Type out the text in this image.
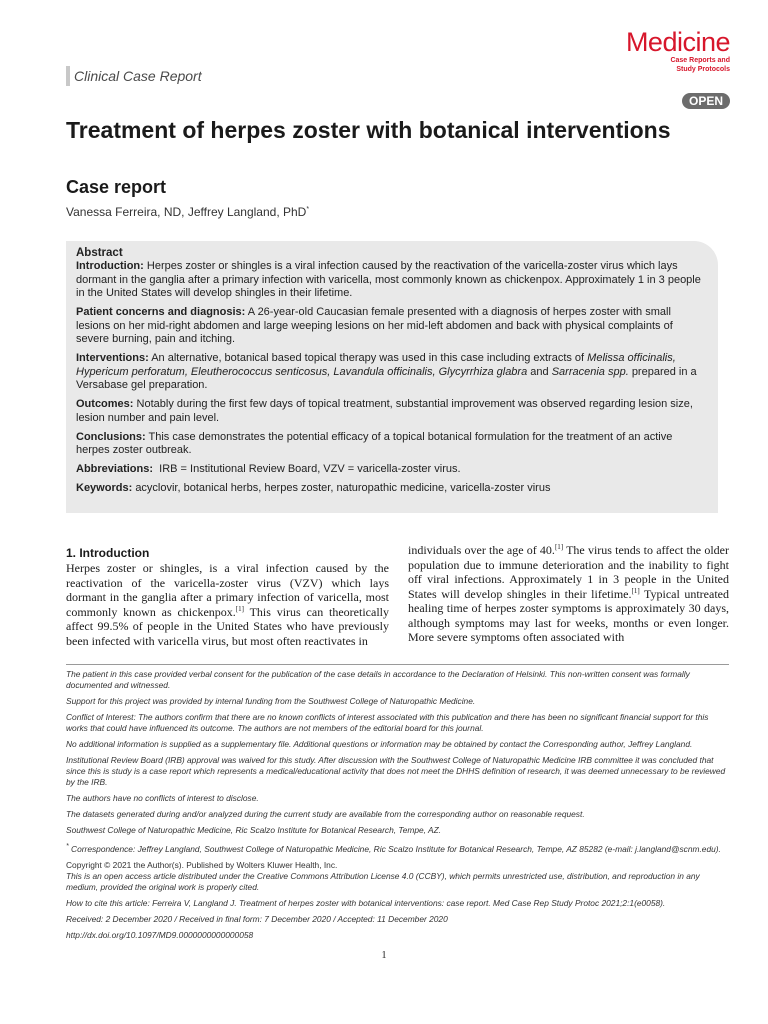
Clinical Case Report
Medicine
Case Reports and
Study Protocols
OPEN
Treatment of herpes zoster with botanical interventions
Case report
Vanessa Ferreira, ND, Jeffrey Langland, PhD*
Abstract

Introduction: Herpes zoster or shingles is a viral infection caused by the reactivation of the varicella-zoster virus which lays dormant in the ganglia after a primary infection with varicella, most commonly known as chickenpox. Approximately 1 in 3 people in the United States will develop shingles in their lifetime.

Patient concerns and diagnosis: A 26-year-old Caucasian female presented with a diagnosis of herpes zoster with small lesions on her mid-right abdomen and large weeping lesions on her mid-left abdomen and back with physical complaints of severe burning, pain and itching.

Interventions: An alternative, botanical based topical therapy was used in this case including extracts of Melissa officinalis, Hypericum perforatum, Eleutherococcus senticosus, Lavandula officinalis, Glycyrrhiza glabra and Sarracenia spp. prepared in a Versabase gel preparation.

Outcomes: Notably during the first few days of topical treatment, substantial improvement was observed regarding lesion size, lesion number and pain level.

Conclusions: This case demonstrates the potential efficacy of a topical botanical formulation for the treatment of an active herpes zoster outbreak.

Abbreviations: IRB = Institutional Review Board, VZV = varicella-zoster virus.

Keywords: acyclovir, botanical herbs, herpes zoster, naturopathic medicine, varicella-zoster virus

1. Introduction
Herpes zoster or shingles, is a viral infection caused by the reactivation of the varicella-zoster virus (VZV) which lays dormant in the ganglia after a primary infection of varicella, most commonly known as chickenpox.[1] This virus can theoretically affect 99.5% of people in the United States who have previously been infected with varicella virus, but most often reactivates in
individuals over the age of 40.[1] The virus tends to affect the older population due to immune deterioration and the inability to fight off viral infections. Approximately 1 in 3 people in the United States will develop shingles in their lifetime.[1] Typical untreated healing time of herpes zoster symptoms is approximately 30 days, although symptoms may last for weeks, months or even longer. More severe symptoms often associated with

The patient in this case provided verbal consent for the publication of the case details in accordance to the Declaration of Helsinki. This non-written consent was formally documented and witnessed.

Support for this project was provided by internal funding from the Southwest College of Naturopathic Medicine.

Conflict of Interest: The authors confirm that there are no known conflicts of interest associated with this publication and there has been no significant financial support for this works that could have influenced its outcome. The authors are not members of the editorial board for this journal.

No additional information is supplied as a supplementary file. Additional questions or information may be obtained by contact the Corresponding author, Jeffrey Langland.

Institutional Review Board (IRB) approval was waived for this study. After discussion with the Southwest College of Naturopathic Medicine IRB committee it was concluded that since this is study is a case report which represents a medical/educational activity that does not meet the DHHS definition of research, it was deemed unnecessary to be reviewed by the IRB.

The authors have no conflicts of interest to disclose.

The datasets generated during and/or analyzed during the current study are available from the corresponding author on reasonable request.

Southwest College of Naturopathic Medicine, Ric Scalzo Institute for Botanical Research, Tempe, AZ.

* Correspondence: Jeffrey Langland, Southwest College of Naturopathic Medicine, Ric Scalzo Institute for Botanical Research, Tempe, AZ 85282 (e-mail: j.langland@scnm.edu).

Copyright © 2021 the Author(s). Published by Wolters Kluwer Health, Inc.

This is an open access article distributed under the Creative Commons Attribution License 4.0 (CCBY), which permits unrestricted use, distribution, and reproduction in any medium, provided the original work is properly cited.

How to cite this article: Ferreira V, Langland J. Treatment of herpes zoster with botanical interventions: case report. Med Case Rep Study Protoc 2021;2:1(e0058).

Received: 2 December 2020 / Received in final form: 7 December 2020 / Accepted: 11 December 2020

http://dx.doi.org/10.1097/MD9.0000000000000058

1
